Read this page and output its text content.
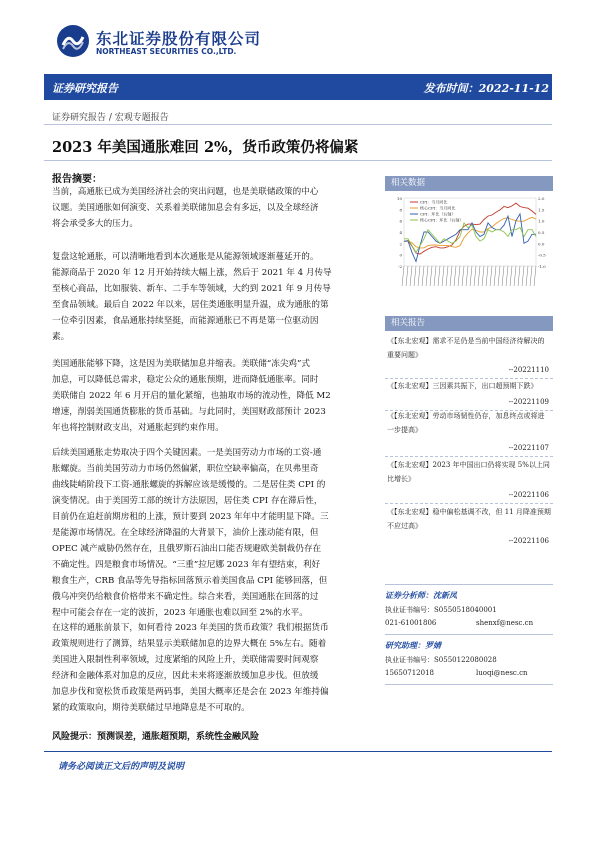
东北证券股份有限公司
NORTHEAST SECURITIES CO.,LTD.
证券研究报告	发布时间：2022-11-12
证券研究报告 / 宏观专题报告
2023 年美国通胀难回 2%，货币政策仍将偏紧
报告摘要：
当前，高通胀已成为美国经济社会的突出问题，也是美联储政策的中心
议题。美国通胀如何演变、关系着美联储加息会有多远，以及全球经济
将会承受多大的压力。
复盘这轮通胀，可以清晰地看到本次通胀是从能源领域逐渐蔓延开的。
能源商品于 2020 年 12 月开始持续大幅上涨，然后于 2021 年 4 月传导
至核心商品，比如服装、新车、二手车等领域，大约到 2021 年 9 月传导
至食品领域。最后自 2022 年以来，居住类通胀明显升温，成为通胀的第
一位牵引因素，食品通胀持续坚挺，而能源通胀已不再是第一位驱动因
素。
美国通胀能够下降，这是因为美联储加息并缩表。美联储“冻尖鸡”式
加息，可以降低总需求，稳定公众的通胀预期，进而降低通胀率。同时
美联储自 2022 年 6 月开启的量化紧缩，也抽取市场的流动性，降低 M2
增速，削弱美国通货膨胀的货币基础。与此同时，美国财政部预计 2023
年也将控制财政支出，对通胀起到约束作用。
后续美国通胀走势取决于四个关键因素。一是美国劳动力市场的工资-通
胀螺旋。当前美国劳动力市场仍然偏紧，职位空缺率偏高，在贝弗里奇
曲线陡峭阶段下工资-通胀螺旋的拆解应该是缓慢的。二是居住类 CPI 的
演变情况。由于美国劳工部的统计方法原因，居住类 CPI 存在滞后性，
目前仍在追赶前期房租的上涨，预计要到 2023 年年中才能明显下降。三
是能源市场情况。在全球经济降温的大背景下，油价上涨动能有限，但
OPEC 减产威胁仍然存在，且俄罗斯石油出口能否规避欧美制裁仍存在
不确定性。四是粮食市场情况。“三重”拉尼娜 2023 年有望结束，利好
粮食生产，CRB 食品等先导指标回落预示着美国食品 CPI 能够回落，但
俄乌冲突仍给粮食价格带来不确定性。综合来看，美国通胀在回落的过
程中可能会存在一定的波折，2023 年通胀也难以回至 2%的水平。
在这样的通胀前景下，如何看待 2023 年美国的货币政策？我们根据货币
政策规则进行了测算，结果显示美联储加息的边界大概在 5%左右。随着
美国进入限制性利率领域，过度紧缩的风险上升，美联储需要时间观察
经济和金融体系对加息的反应，因此未来将逐渐放缓加息步伐。但放缓
加息步伐和宽松货币政策是两码事，美国大概率还是会在 2023 年维持偏
紧的政策取向，期待美联储过早地降息是不可取的。
风险提示：预测误差，通胀超预期，系统性金融风险
请务必阅读正文后的声明及说明
相关数据
10
8
6
4
2
0
-2
2.0
1.5
1.0
0.5
0.0
-0.5
-1.0
CPI：当月同比
核心CPI：当月同比
CPI：环比（右轴）
核心CPI：环比（右轴）
相关报告
《【东北宏观】需求不足仍是当前中国经济待解决的重要问题》
--20221110
《【东北宏观】三因素共振下，出口超预期下跌》
--20221109
《【东北宏观】劳动市场韧性仍存，加息终点或将进一步提高》
--20221107
《【东北宏观】2023 年中国出口仍将实现 5%以上同比增长》
--20221106
《【东北宏观】稳中偏松基调不改，但 11 月降准预期不应过高》
--20221106
证券分析师：沈新凤
执业证书编号：S0550518040001
021-61001806	shenxf@nesc.cn
研究助理：罗婧
执业证书编号：S0550122080028
15650712018	luoqi@nesc.cn
